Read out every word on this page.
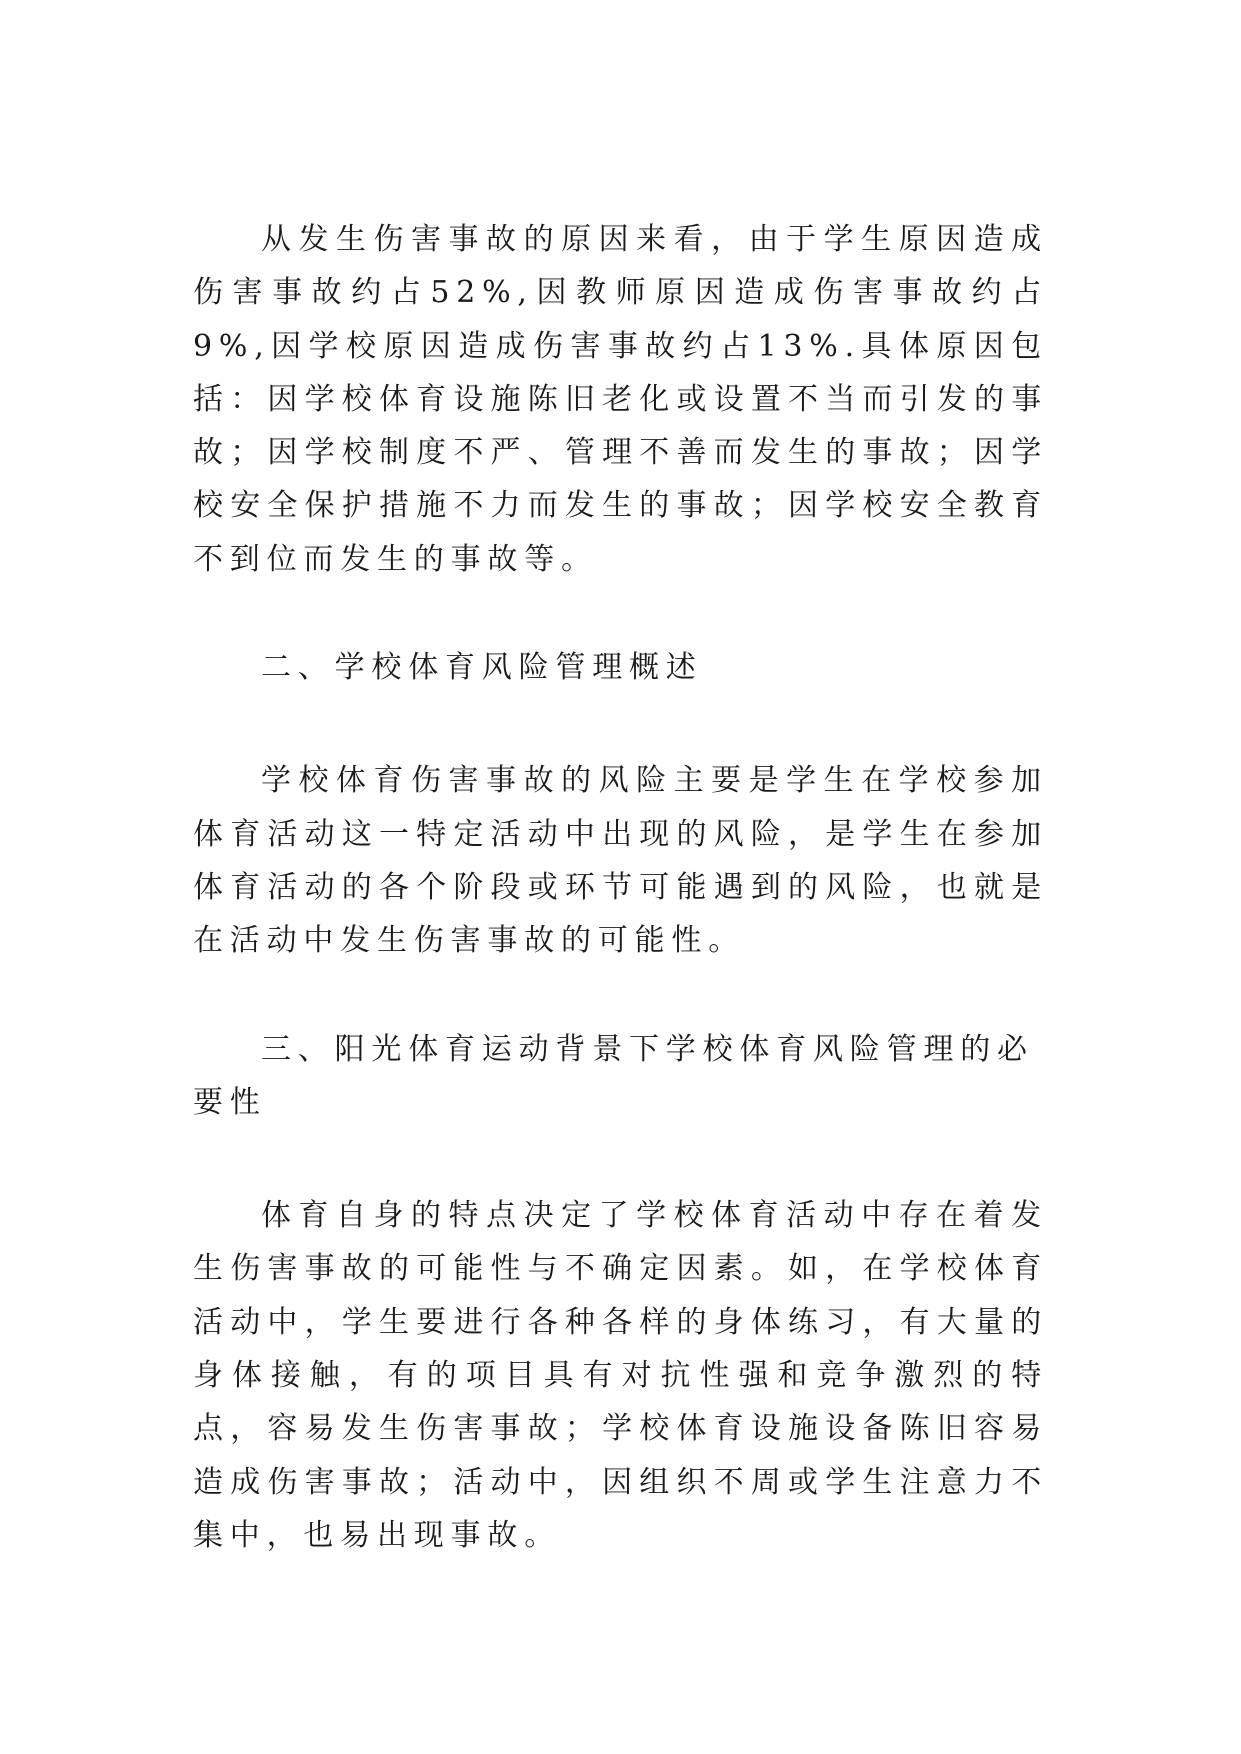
从发生伤害事故的原因来看，由于学生原因造成伤害事故约占52%,因教师原因造成伤害事故约占9%,因学校原因造成伤害事故约占13%.具体原因包括：因学校体育设施陈旧老化或设置不当而引发的事故；因学校制度不严、管理不善而发生的事故；因学校安全保护措施不力而发生的事故；因学校安全教育不到位而发生的事故等。

二、学校体育风险管理概述

学校体育伤害事故的风险主要是学生在学校参加体育活动这一特定活动中出现的风险，是学生在参加体育活动的各个阶段或环节可能遇到的风险，也就是在活动中发生伤害事故的可能性。

三、阳光体育运动背景下学校体育风险管理的必要性

体育自身的特点决定了学校体育活动中存在着发生伤害事故的可能性与不确定因素。如，在学校体育活动中，学生要进行各种各样的身体练习，有大量的身体接触，有的项目具有对抗性强和竞争激烈的特点，容易发生伤害事故；学校体育设施设备陈旧容易造成伤害事故；活动中，因组织不周或学生注意力不集中，也易出现事故。
